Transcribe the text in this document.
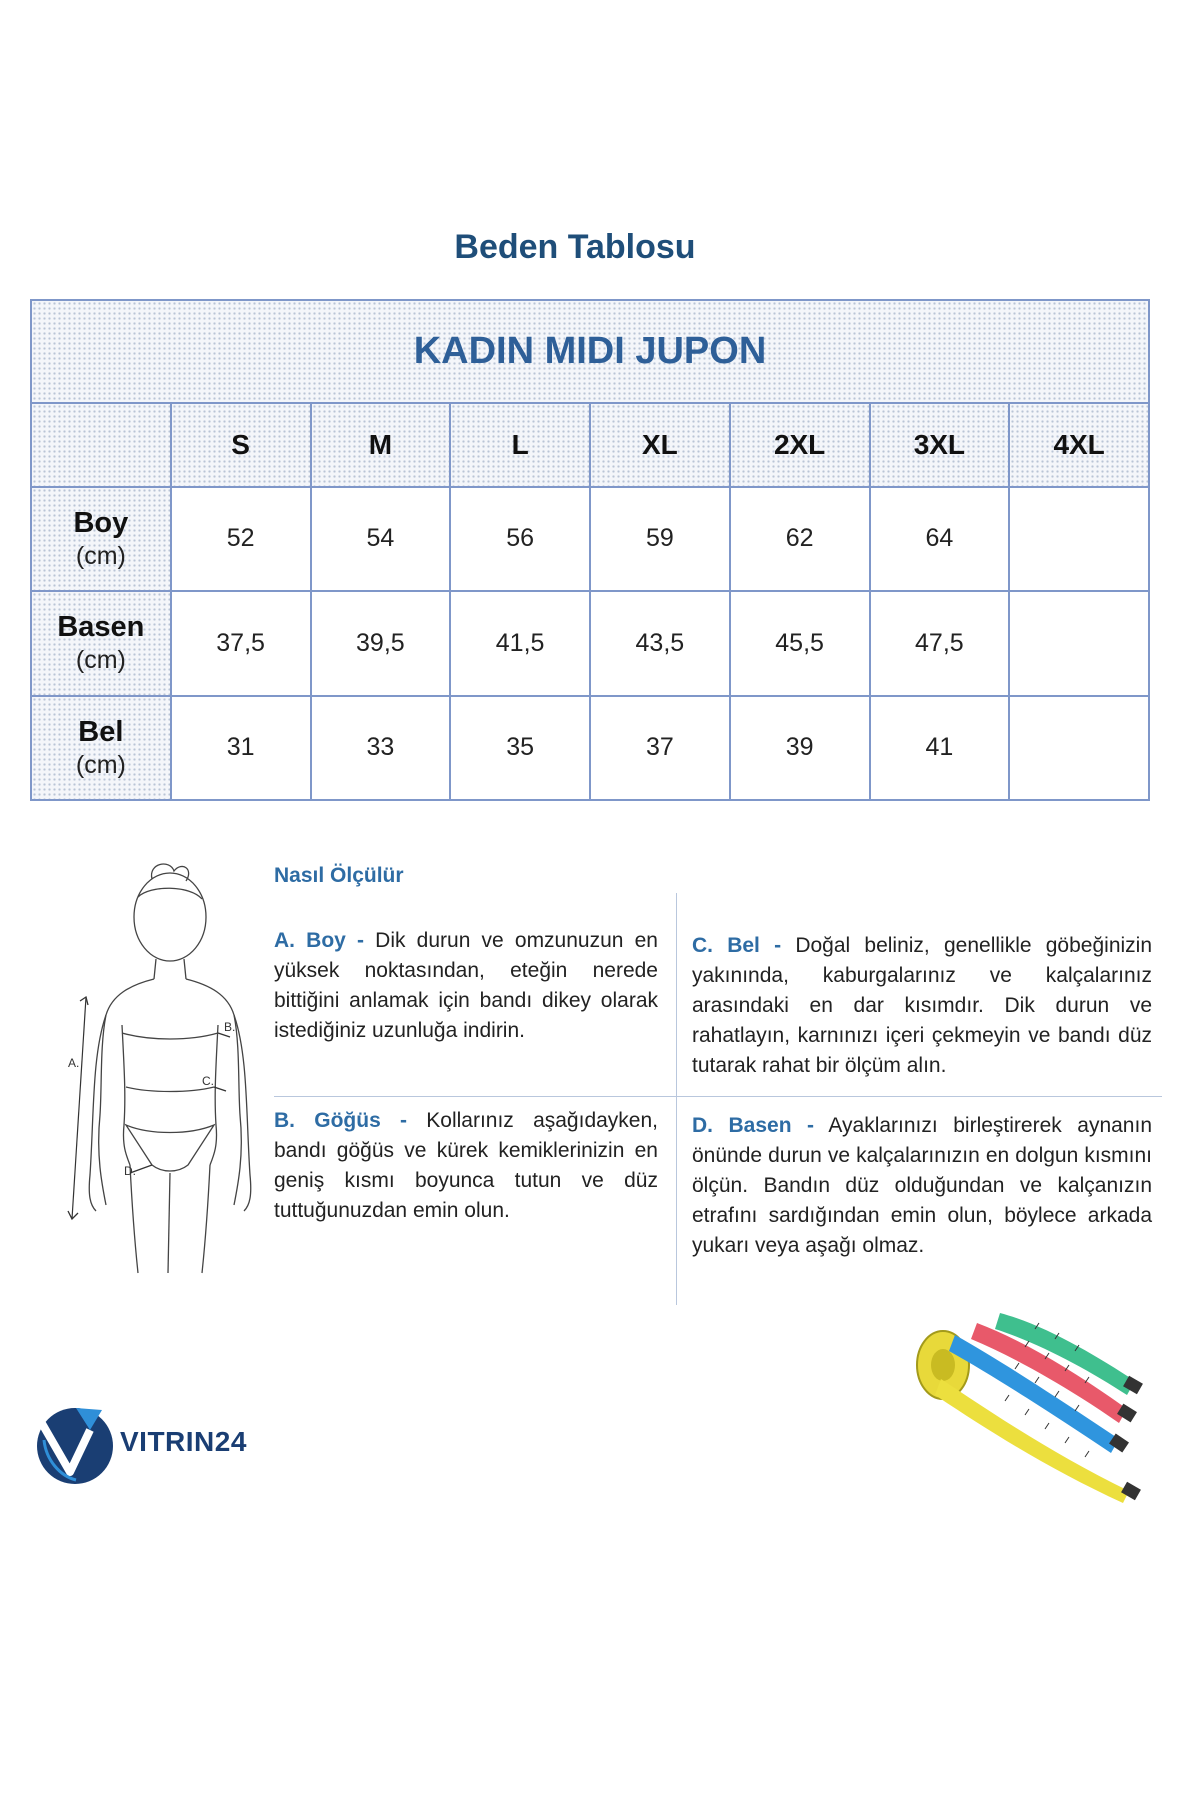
Beden Tablosu
KADIN MIDI JUPON							
	S	M	L	XL	2XL	3XL	4XL

Boy
(cm)	52	54	56	59	62	64	

Basen
(cm)	37,5	39,5	41,5	43,5	45,5	47,5	

Bel
(cm)	31	33	35	37	39	41	
A.
B.
C.
D.
Nasıl Ölçülür

A. Boy - Dik durun ve omzunuzun en yüksek noktasından, eteğin nerede bittiğini anlamak için bandı dikey olarak istediğiniz uzunluğa indirin.

B. Göğüs - Kollarınız aşağıdayken, bandı göğüs ve kürek kemiklerinizin en geniş kısmı boyunca tutun ve düz tuttuğunuzdan emin olun.

C. Bel - Doğal beliniz, genellikle göbeğinizin yakınında, kaburgalarınız ve kalçalarınız arasındaki en dar kısımdır. Dik durun ve rahatlayın, karnınızı içeri çekmeyin ve bandı düz tutarak rahat bir ölçüm alın.

D. Basen - Ayaklarınızı birleştirerek aynanın önünde durun ve kalçalarınızın en dolgun kısmını ölçün. Bandın düz olduğundan ve kalçanızın etrafını sardığından emin olun, böylece arkada yukarı veya aşağı olmaz.

VITRIN24
